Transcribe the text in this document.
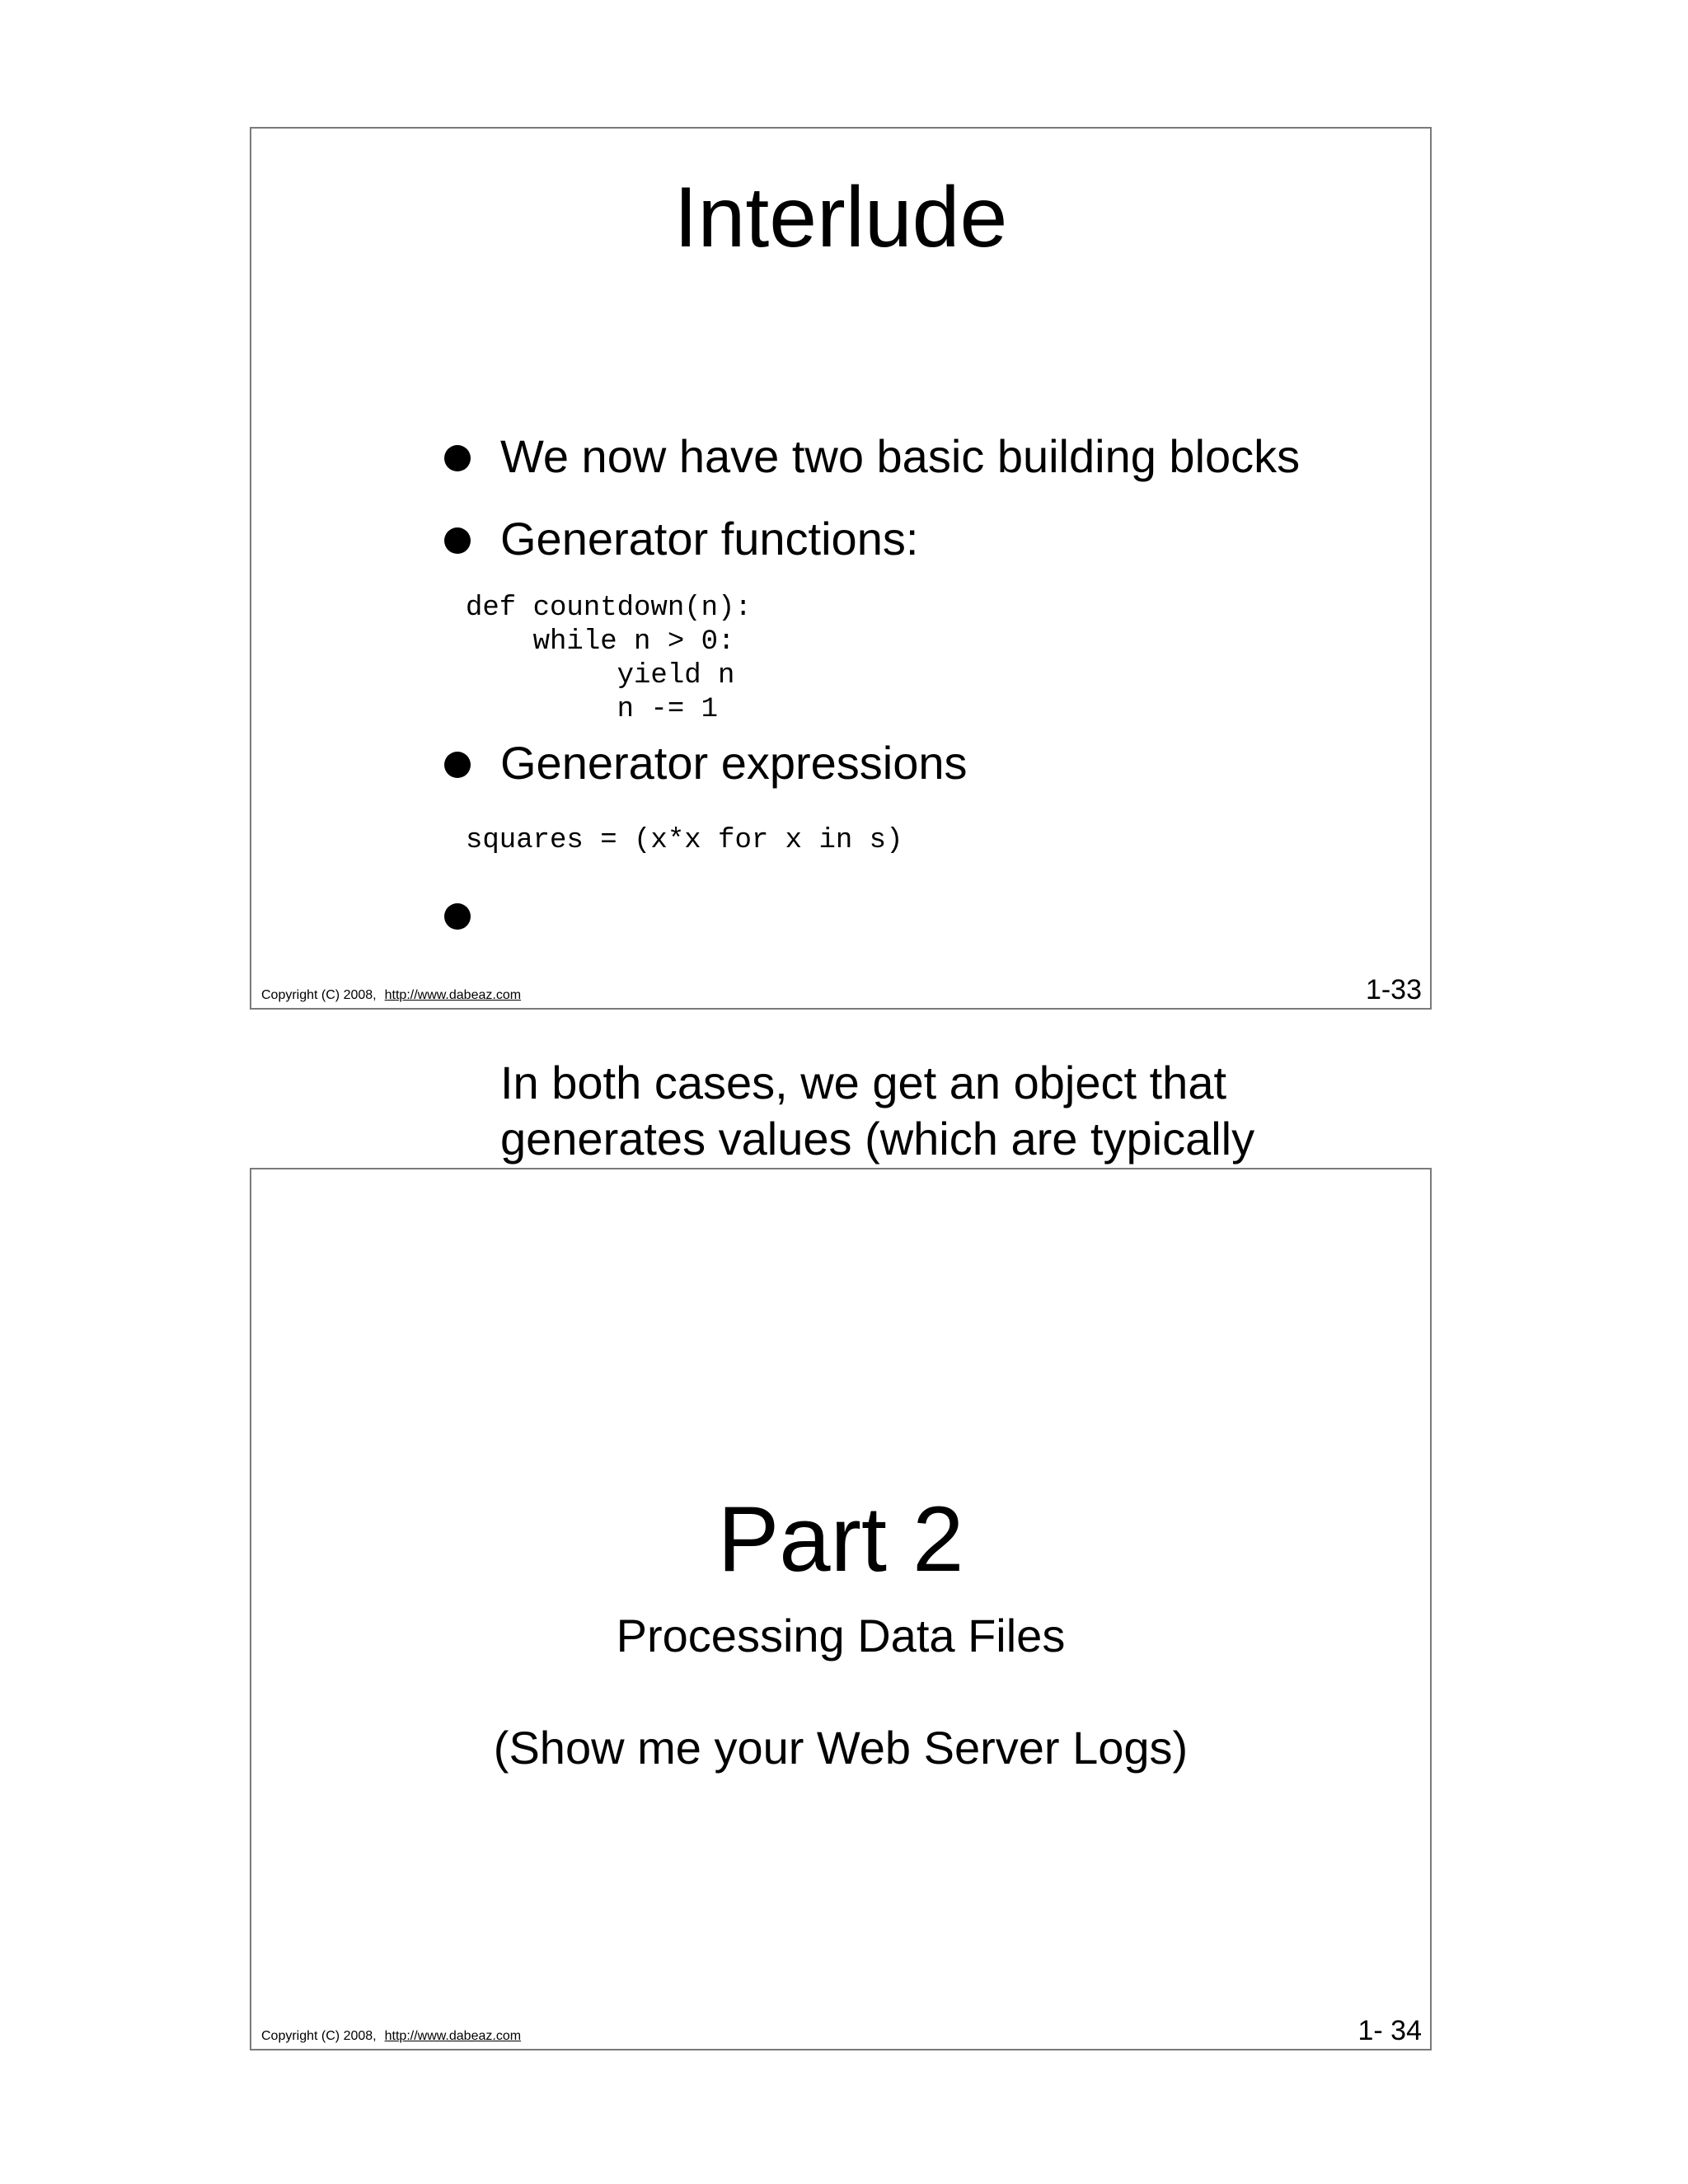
Interlude
We now have two basic building blocks
Generator functions:
def countdown(n):
while n > 0:
yield n
n -= 1
Generator expressions
squares = (x*x for x in s)

In both cases, we get an object that
generates values (which are typically

Copyright (C) 2008, http://www.dabeaz.com	1-33
Part 2
Processing Data Files
(Show me your Web Server Logs)
Copyright (C) 2008, http://www.dabeaz.com	1- 34
